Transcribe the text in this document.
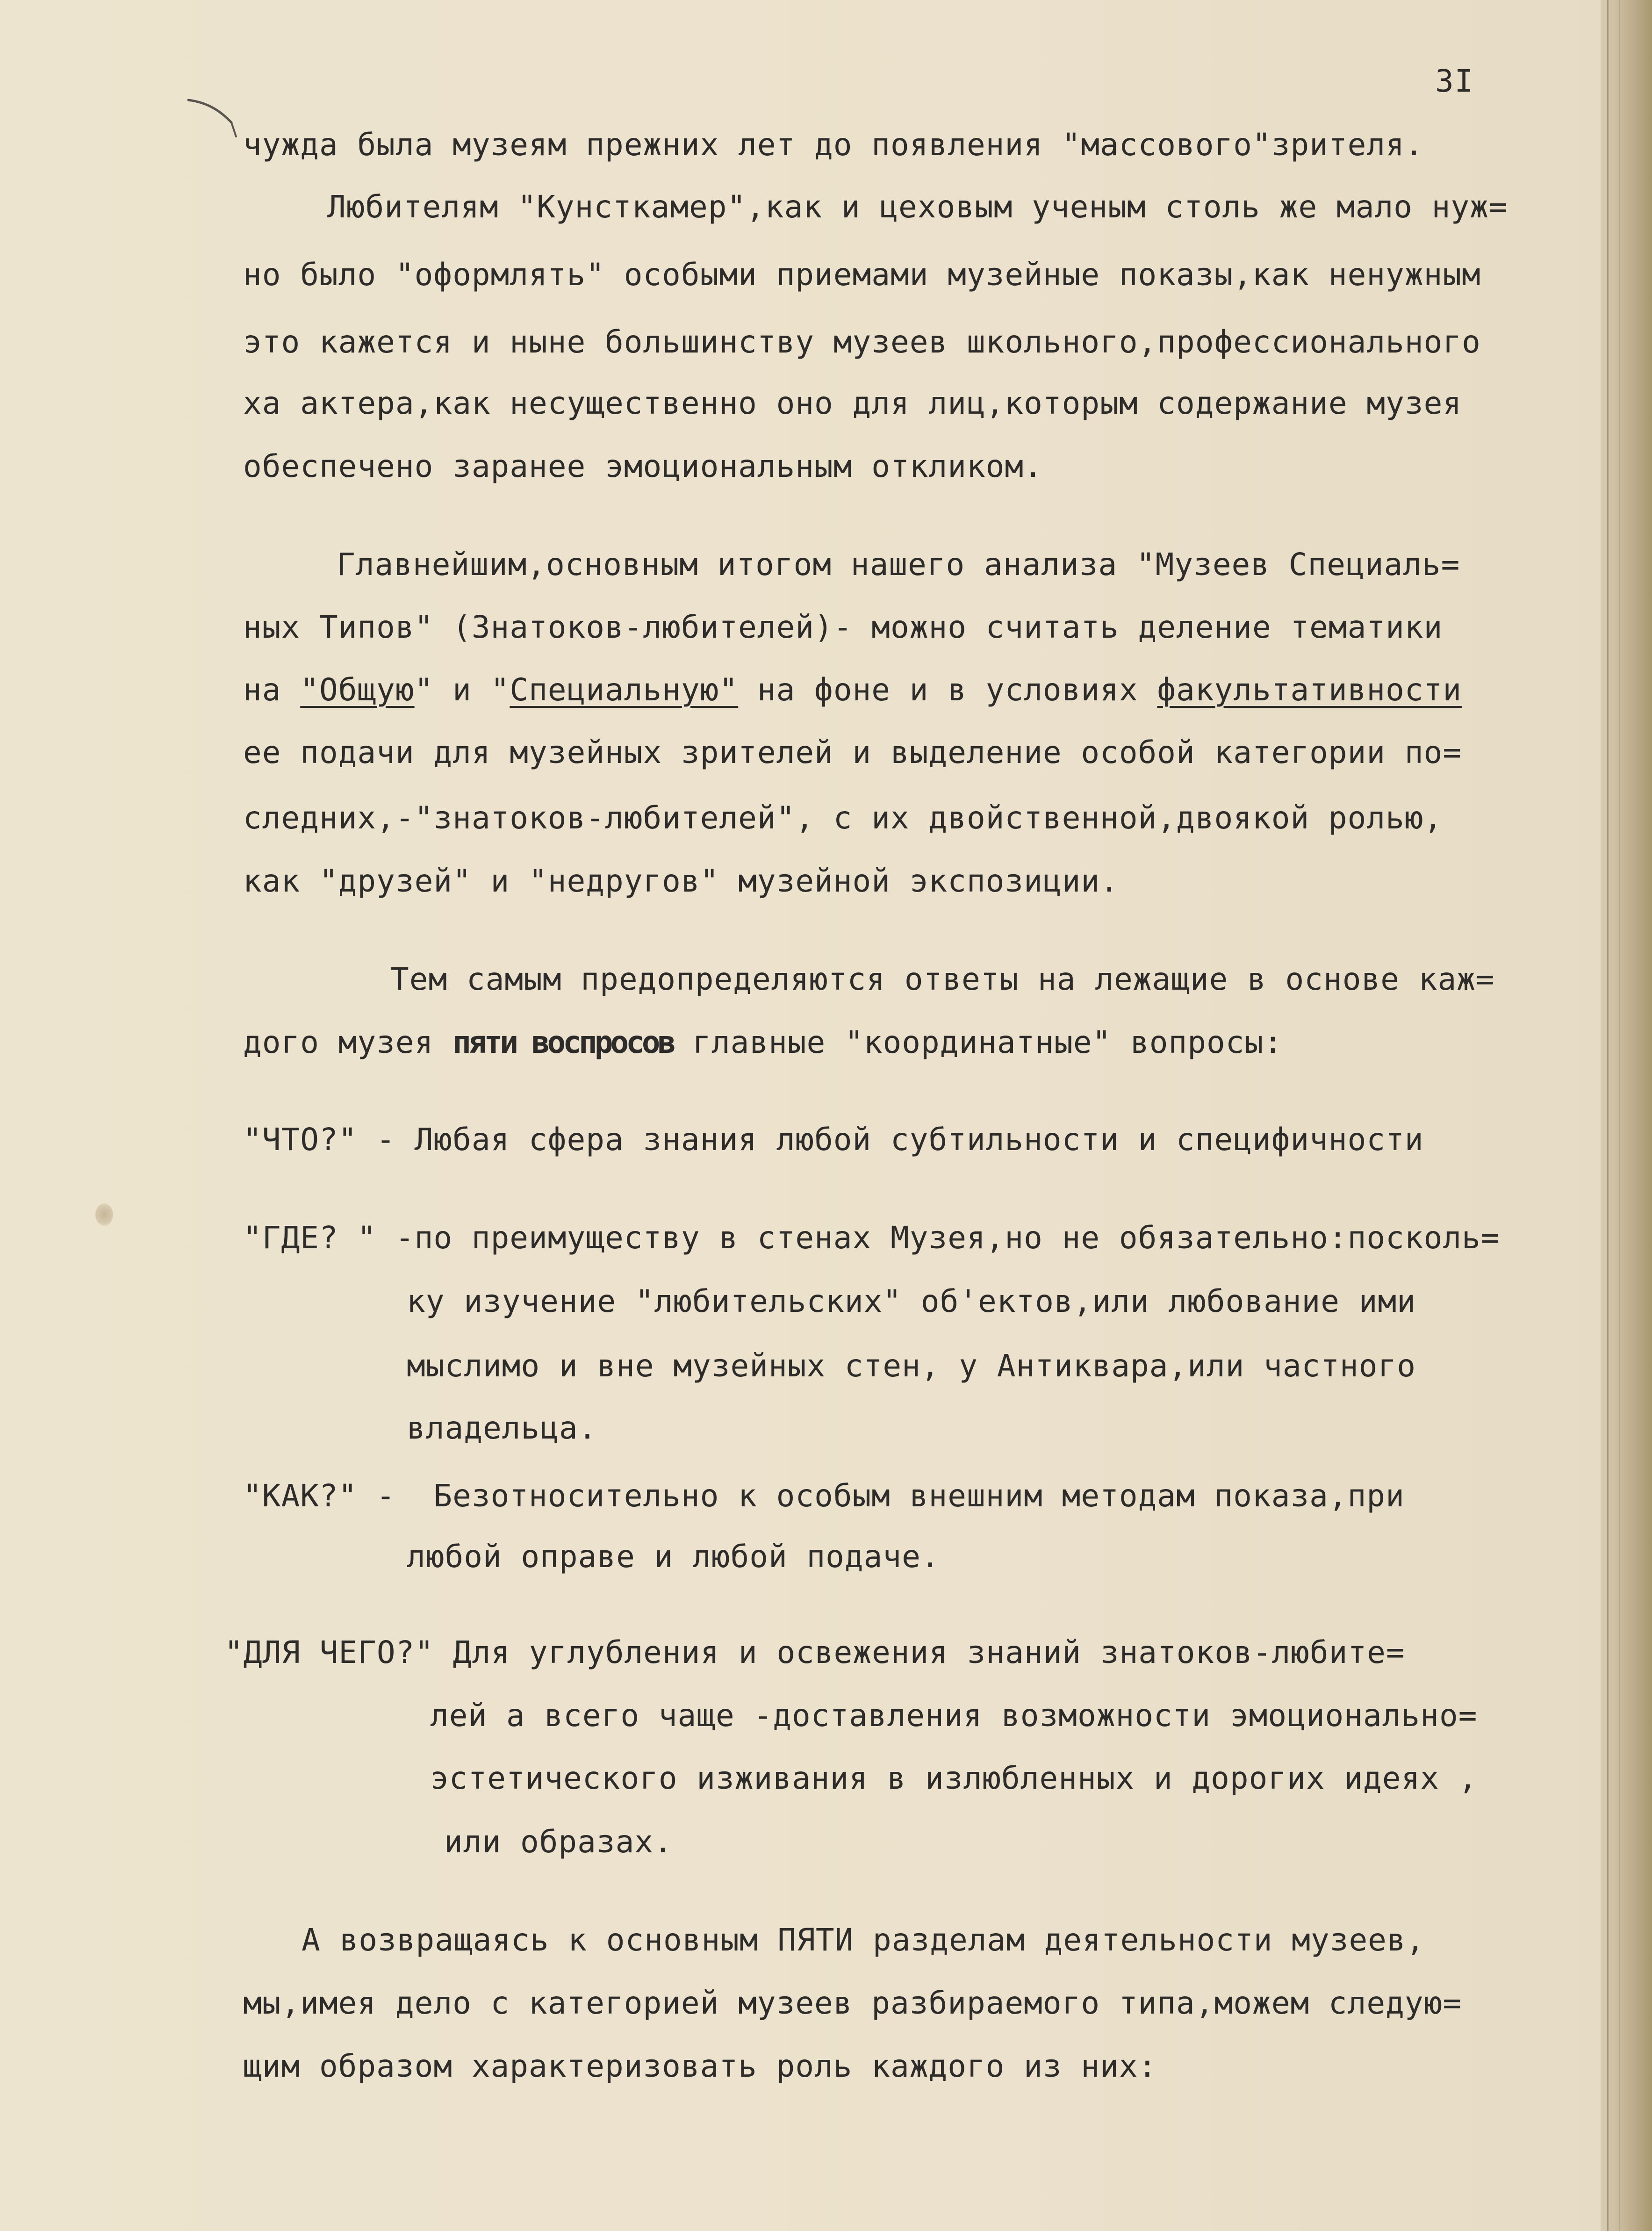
3I
чужда была музеям прежних лет до появления "массового"зрителя.
Любителям "Кунсткамер",как и цеховым ученым столь же мало нуж=
но было "оформлять" особыми приемами музейные показы,как ненужным
это кажется и ныне большинству музеев школьного,профессионального
ха актера,как несущественно оно для лиц,которым содержание музея
обеспечено заранее эмоциональным откликом.
Главнейшим,основным итогом нашего анализа "Музеев Специаль=
ных Типов" (Знатоков-любителей)- можно считать деление тематики
на "Общую" и "Специальную" на фоне и в условиях факультативности
ее подачи для музейных зрителей и выделение особой категории по=
следних,-"знатоков-любителей", с их двойственной,двоякой ролью,
как "друзей" и "недругов" музейной экспозиции.
Тем самым предопределяются ответы на лежащие в основе каж=
дого музея пяти воспросов главные "координатные" вопросы:
"ЧТО?" - Любая сфера знания любой субтильности и специфичности
"ГДЕ? " -по преимуществу в стенах Музея,но не обязательно:посколь=
ку изучение "любительских" об'ектов,или любование ими
мыслимо и вне музейных стен, у Антиквара,или частного
владельца.
"КАК?" -  Безотносительно к особым внешним методам показа,при
любой оправе и любой подаче.
"ДЛЯ ЧЕГО?" Для углубления и освежения знаний знатоков-любите=
лей а всего чаще -доставления возможности эмоционально=
эстетического изживания в излюбленных и дорогих идеях ,
или образах.
А возвращаясь к основным ПЯТИ разделам деятельности музеев,
мы,имея дело с категорией музеев разбираемого типа,можем следую=
щим образом характеризовать роль каждого из них:
